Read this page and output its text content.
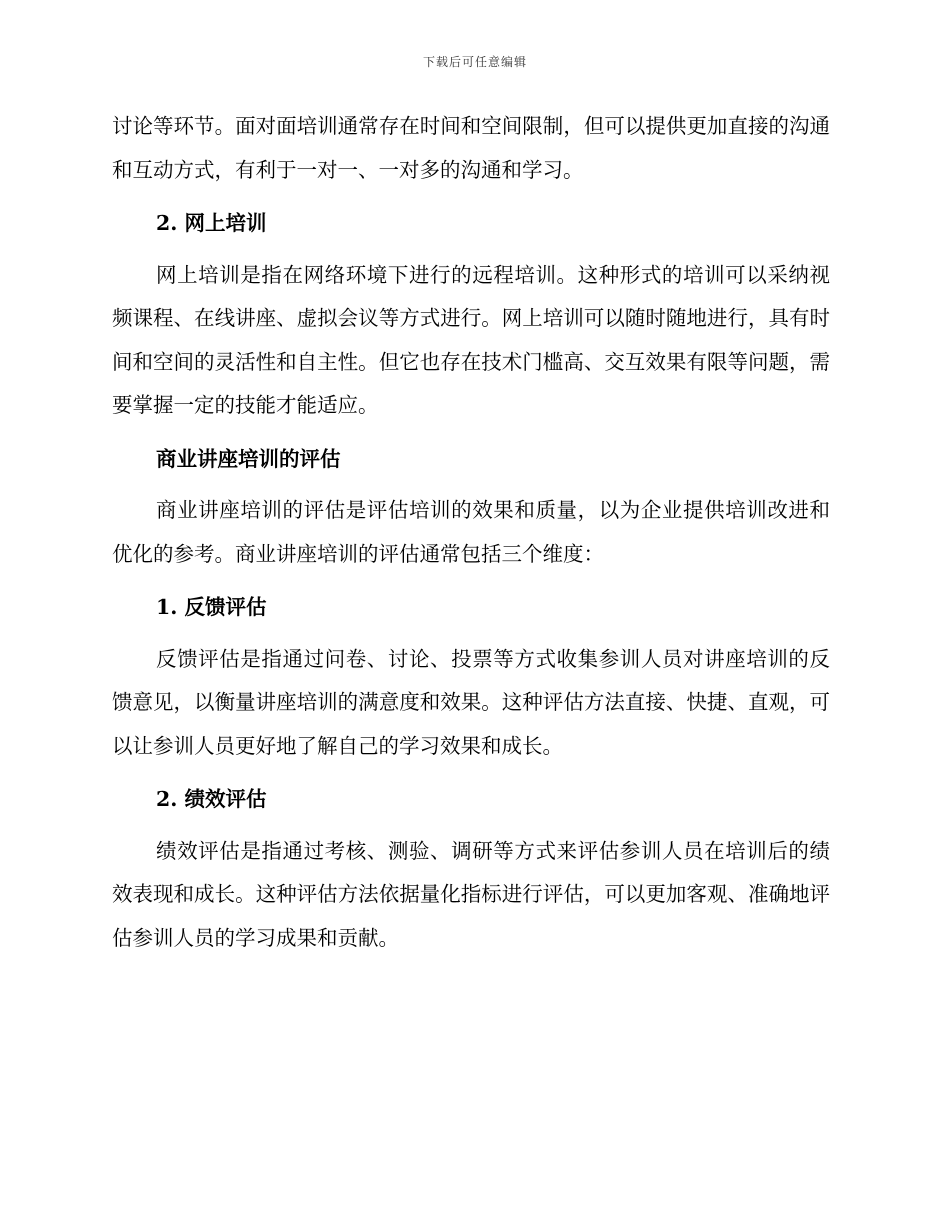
下载后可任意编辑

讨论等环节。面对面培训通常存在时间和空间限制，但可以提供更加直接的沟通和互动方式，有利于一对一、一对多的沟通和学习。

2. 网上培训

网上培训是指在网络环境下进行的远程培训。这种形式的培训可以采纳视频课程、在线讲座、虚拟会议等方式进行。网上培训可以随时随地进行，具有时间和空间的灵活性和自主性。但它也存在技术门槛高、交互效果有限等问题，需要掌握一定的技能才能适应。

商业讲座培训的评估

商业讲座培训的评估是评估培训的效果和质量，以为企业提供培训改进和优化的参考。商业讲座培训的评估通常包括三个维度：

1. 反馈评估

反馈评估是指通过问卷、讨论、投票等方式收集参训人员对讲座培训的反馈意见，以衡量讲座培训的满意度和效果。这种评估方法直接、快捷、直观，可以让参训人员更好地了解自己的学习效果和成长。

2. 绩效评估

绩效评估是指通过考核、测验、调研等方式来评估参训人员在培训后的绩效表现和成长。这种评估方法依据量化指标进行评估，可以更加客观、准确地评估参训人员的学习成果和贡献。
